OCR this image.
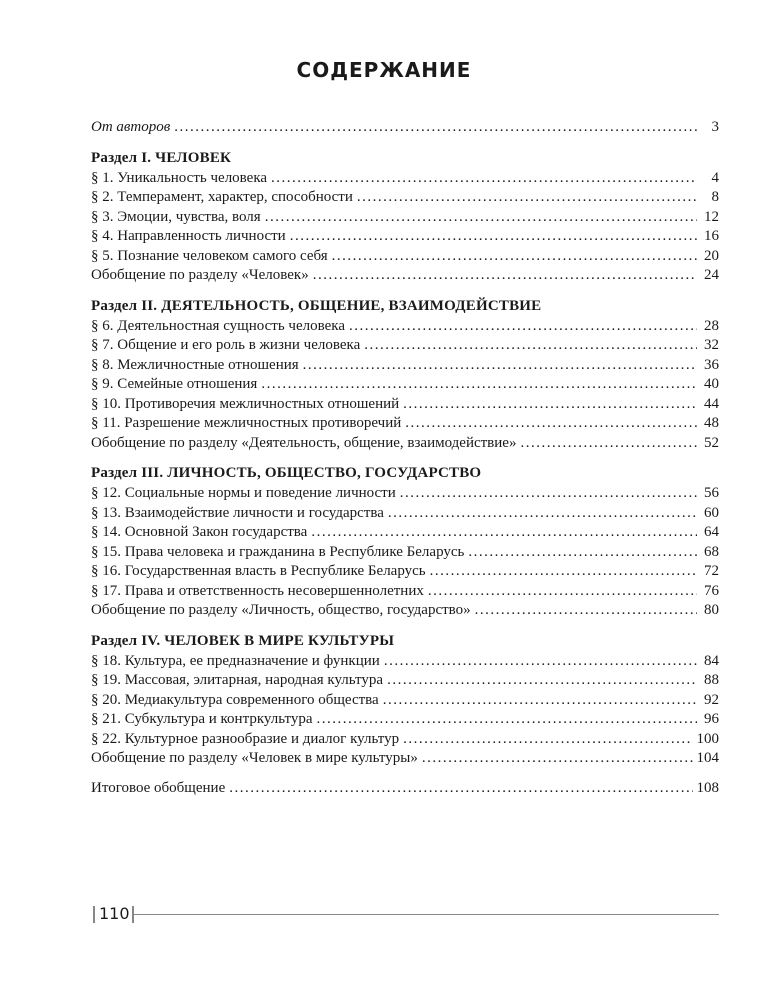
СОДЕРЖАНИЕ
От авторов .....	3
Раздел I. ЧЕЛОВЕК
§ 1. Уникальность человека .....	4
§ 2. Темперамент, характер, способности .....	8
§ 3. Эмоции, чувства, воля .....	12
§ 4. Направленность личности .....	16
§ 5. Познание человеком самого себя .....	20
Обобщение по разделу «Человек» .....	24
Раздел II. ДЕЯТЕЛЬНОСТЬ, ОБЩЕНИЕ, ВЗАИМОДЕЙСТВИЕ
§ 6. Деятельностная сущность человека .....	28
§ 7. Общение и его роль в жизни человека .....	32
§ 8. Межличностные отношения .....	36
§ 9. Семейные отношения .....	40
§ 10. Противоречия межличностных отношений .....	44
§ 11. Разрешение межличностных противоречий .....	48
Обобщение по разделу «Деятельность, общение, взаимодействие» .....	52
Раздел III. ЛИЧНОСТЬ, ОБЩЕСТВО, ГОСУДАРСТВО
§ 12. Социальные нормы и поведение личности .....	56
§ 13. Взаимодействие личности и государства .....	60
§ 14. Основной Закон государства .....	64
§ 15. Права человека и гражданина в Республике Беларусь .....	68
§ 16. Государственная власть в Республике Беларусь .....	72
§ 17. Права и ответственность несовершеннолетних .....	76
Обобщение по разделу «Личность, общество, государство» .....	80
Раздел IV. ЧЕЛОВЕК В МИРЕ КУЛЬТУРЫ
§ 18. Культура, ее предназначение и функции .....	84
§ 19. Массовая, элитарная, народная культура .....	88
§ 20. Медиакультура современного общества .....	92
§ 21. Субкультура и контркультура .....	96
§ 22. Культурное разнообразие и диалог культур .....	100
Обобщение по разделу «Человек в мире культуры» .....	104
Итоговое обобщение .....	108
110
